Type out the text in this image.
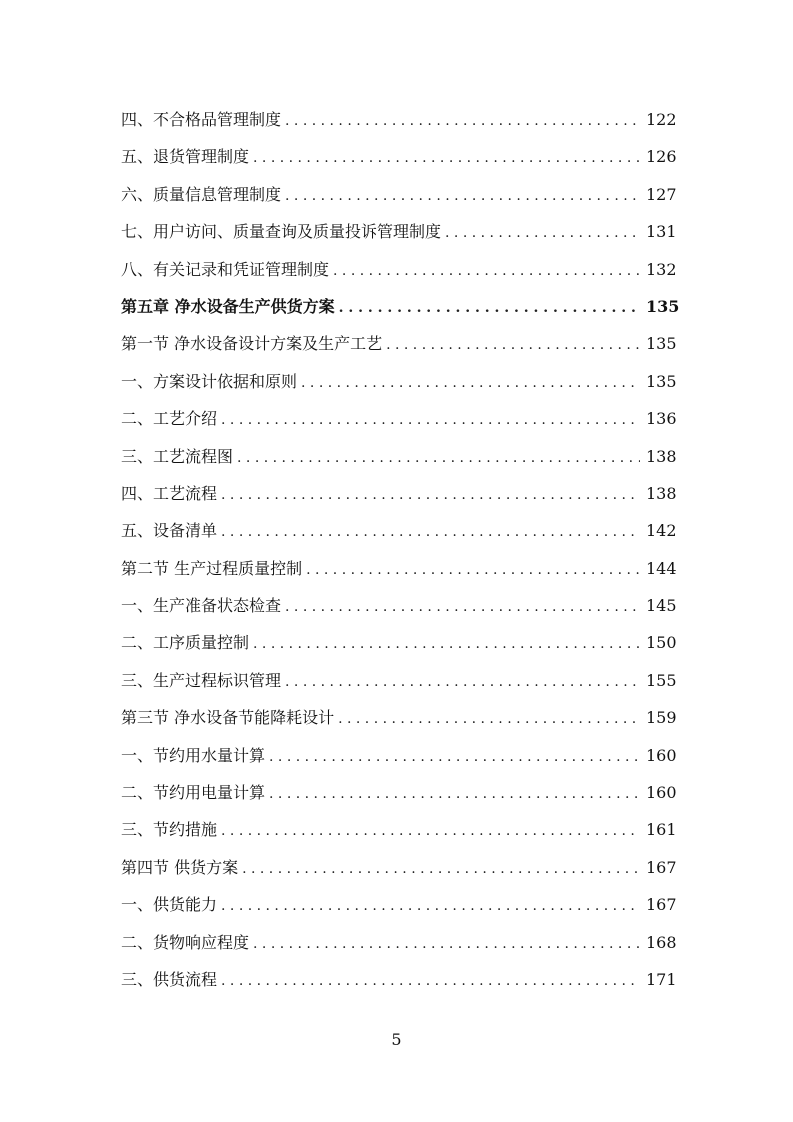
四、不合格品管理制度 . . .	122
五、退货管理制度 . . .	126
六、质量信息管理制度 . . .	127
七、用户访问、质量查询及质量投诉管理制度 . . .	131
八、有关记录和凭证管理制度 . . .	132
第五章 净水设备生产供货方案 . . .	135
第一节 净水设备设计方案及生产工艺 . . .	135
一、方案设计依据和原则 . . .	135
二、工艺介绍 . . .	136
三、工艺流程图 . . .	138
四、工艺流程 . . .	138
五、设备清单 . . .	142
第二节 生产过程质量控制 . . .	144
一、生产准备状态检查 . . .	145
二、工序质量控制 . . .	150
三、生产过程标识管理 . . .	155
第三节 净水设备节能降耗设计 . . .	159
一、节约用水量计算 . . .	160
二、节约用电量计算 . . .	160
三、节约措施 . . .	161
第四节 供货方案 . . .	167
一、供货能力 . . .	167
二、货物响应程度 . . .	168
三、供货流程 . . .	171
5
